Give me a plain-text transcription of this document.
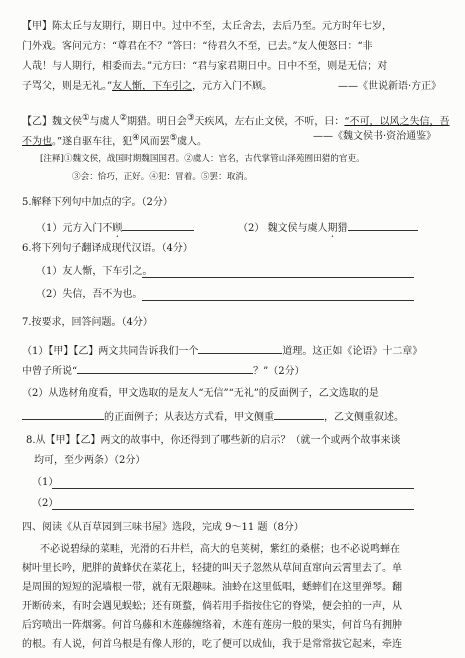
【甲】陈太丘与友期行，期日中。过中不至，太丘舍去，去后乃至。元方时年七岁，
门外戏。客问元方：“尊君在不？”答曰：“待君久不至，已去。”友人便怒曰：“非
人哉！与人期行，相委而去。”元方曰：“君与家君期日中。日中不至，则是无信；对
子骂父，则是无礼。”友人惭，下车引之，元方入门不顾。	——《世说新语·方正》
【乙】魏文侯①与虞人②期猎。明日会③天疾风，左右止文侯，不听，曰：“不可，以风之失信，吾
不为也。”遂自驱车往，犯④风而罢⑤虞人。	——《魏文侯书·资治通鉴》
[注释]①魏文侯，战国时期魏国国君。②虞人：官名，古代掌管山泽苑囿田猎的官吏。
③会：恰巧，正好。④犯：冒着。⑤罢：取消。
5.解释下列句中加点的字。（2分）
（1）元方入门不顾	（2） 魏文侯与虞人期猎
6.将下列句子翻译成现代汉语。（4分）
（1）友人惭，下车引之。
（2）失信，吾不为也。
7.按要求，回答问题。（4分）
（1）【甲】【乙】两文共同告诉我们一个	道理。这正如《论语》十二章》
中曾子所说“	？”（2分）
（2）从选材角度看，甲文选取的是友人“无信”“无礼”的反面例子，乙文选取的是
的正面例子；从表达方式看，甲文侧重	，乙文侧重叙述。
8.从【甲】【乙】两文的故事中，你还得到了哪些新的启示？（就一个或两个故事来谈
均可，至少两条）（2分）
（1）
（2）
四、阅读《从百草园到三味书屋》选段，完成 9～11 题（8分）
不必说碧绿的菜畦，光滑的石井栏，高大的皂荚树，紫红的桑椹；也不必说鸣蝉在
树叶里长吟，肥胖的黄蜂伏在菜花上，轻捷的叫天子忽然从草间直窜向云霄里去了。单
是周围的短短的泥墙根一带，就有无限趣味。油蛉在这里低唱，蟋蟀们在这里弹琴。翻
开断砖来，有时会遇见蜈蚣；还有斑蝥，倘若用手指按住它的脊梁，便会拍的一声，从
后窍喷出一阵烟雾。何首乌藤和木莲藤缠络着，木莲有莲房一般的果实，何首乌有拥肿
的根。有人说，何首乌根是有像人形的，吃了便可以成仙，我于是常常拔它起来，牵连
